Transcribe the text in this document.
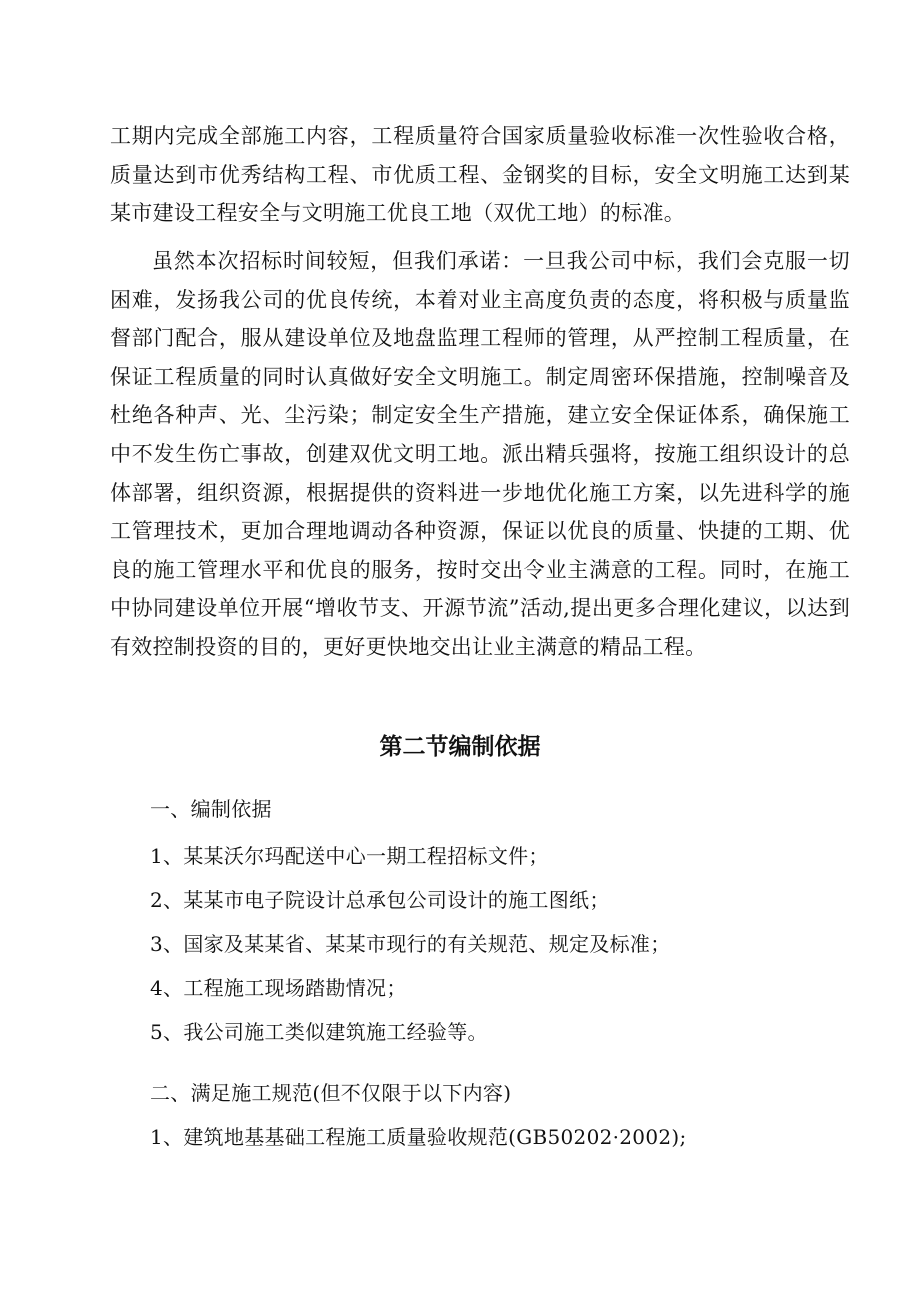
工期内完成全部施工内容，工程质量符合国家质量验收标准一次性验收合格，质量达到市优秀结构工程、市优质工程、金钢奖的目标，安全文明施工达到某某市建设工程安全与文明施工优良工地（双优工地）的标准。

虽然本次招标时间较短，但我们承诺：一旦我公司中标，我们会克服一切困难，发扬我公司的优良传统，本着对业主高度负责的态度，将积极与质量监督部门配合，服从建设单位及地盘监理工程师的管理，从严控制工程质量，在保证工程质量的同时认真做好安全文明施工。制定周密环保措施，控制噪音及杜绝各种声、光、尘污染；制定安全生产措施，建立安全保证体系，确保施工中不发生伤亡事故，创建双优文明工地。派出精兵强将，按施工组织设计的总体部署，组织资源，根据提供的资料进一步地优化施工方案，以先进科学的施工管理技术，更加合理地调动各种资源，保证以优良的质量、快捷的工期、优良的施工管理水平和优良的服务，按时交出令业主满意的工程。同时，在施工中协同建设单位开展“增收节支、开源节流”活动,提出更多合理化建议，以达到有效控制投资的目的，更好更快地交出让业主满意的精品工程。

第二节编制依据

一、编制依据

1、某某沃尔玛配送中心一期工程招标文件；

2、某某市电子院设计总承包公司设计的施工图纸；

3、国家及某某省、某某市现行的有关规范、规定及标准；

4、工程施工现场踏勘情况；

5、我公司施工类似建筑施工经验等。

二、满足施工规范(但不仅限于以下内容)

1、建筑地基基础工程施工质量验收规范(GB50202·2002);
